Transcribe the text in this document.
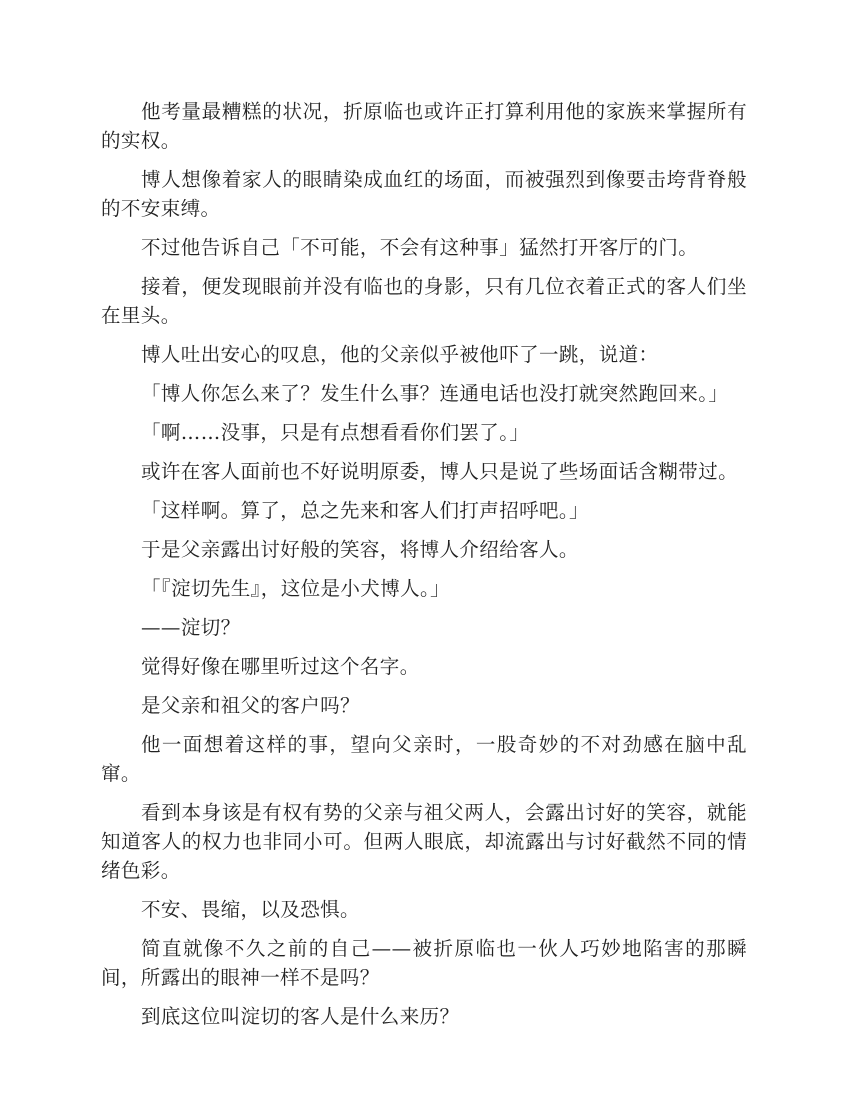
他考量最糟糕的状况，折原临也或许正打算利用他的家族来掌握所有的实权。

博人想像着家人的眼睛染成血红的场面，而被强烈到像要击垮背脊般的不安束缚。

不过他告诉自己「不可能，不会有这种事」猛然打开客厅的门。

接着，便发现眼前并没有临也的身影，只有几位衣着正式的客人们坐在里头。

博人吐出安心的叹息，他的父亲似乎被他吓了一跳，说道：

「博人你怎么来了？发生什么事？连通电话也没打就突然跑回来。」

「啊……没事，只是有点想看看你们罢了。」

或许在客人面前也不好说明原委，博人只是说了些场面话含糊带过。

「这样啊。算了，总之先来和客人们打声招呼吧。」

于是父亲露出讨好般的笑容，将博人介绍给客人。

「『淀切先生』，这位是小犬博人。」

——淀切？

觉得好像在哪里听过这个名字。

是父亲和祖父的客户吗？

他一面想着这样的事，望向父亲时，一股奇妙的不对劲感在脑中乱窜。

看到本身该是有权有势的父亲与祖父两人，会露出讨好的笑容，就能知道客人的权力也非同小可。但两人眼底，却流露出与讨好截然不同的情绪色彩。

不安、畏缩，以及恐惧。

简直就像不久之前的自己——被折原临也一伙人巧妙地陷害的那瞬间，所露出的眼神一样不是吗？

到底这位叫淀切的客人是什么来历？
